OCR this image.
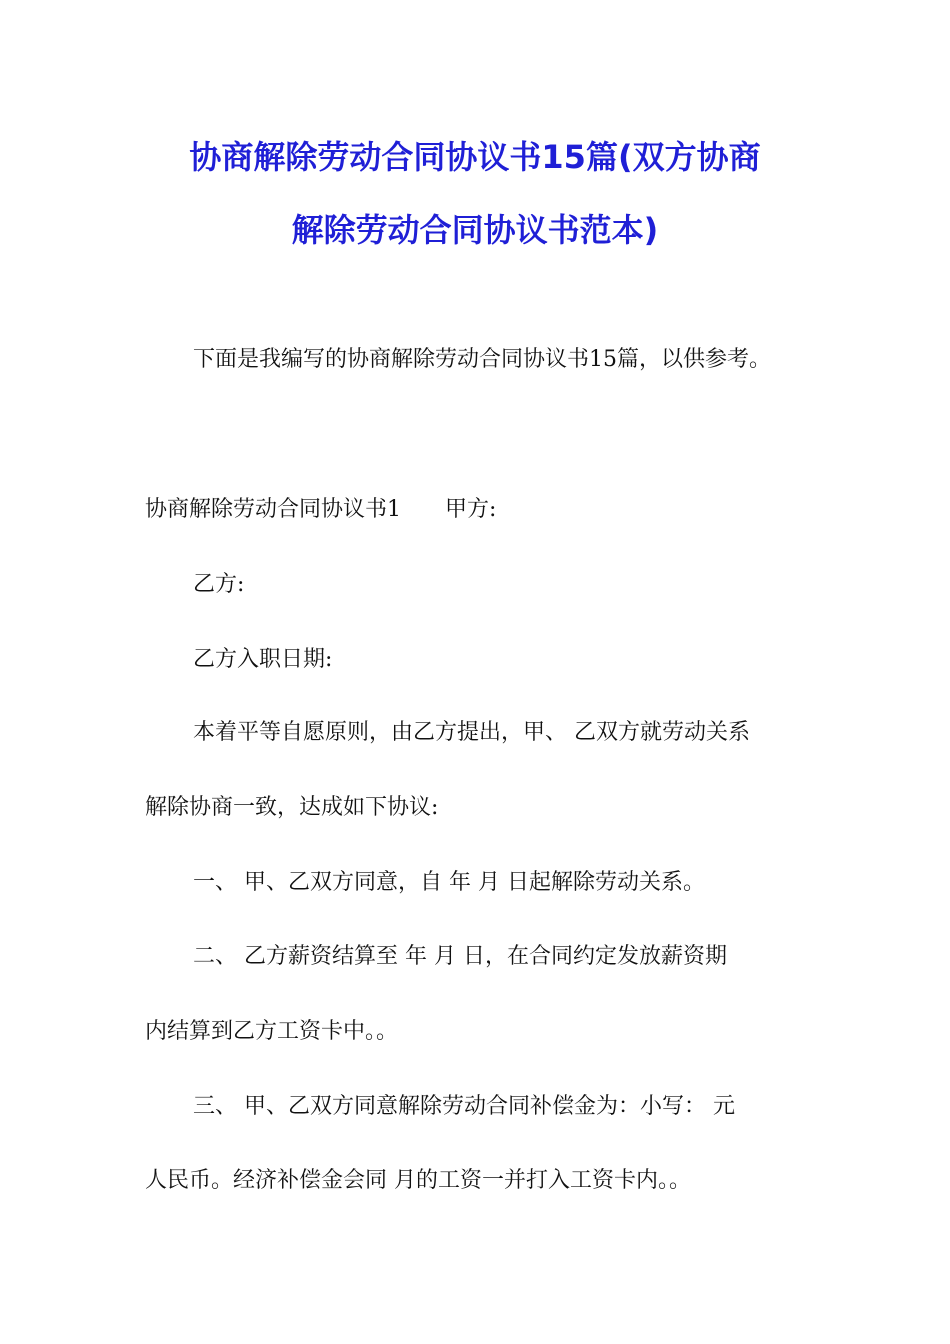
协商解除劳动合同协议书15篇(双方协商
解除劳动合同协议书范本)
下面是我编写的协商解除劳动合同协议书15篇，以供参考。
协商解除劳动合同协议书1 甲方:
乙方:
乙方入职日期:
本着平等自愿原则，由乙方提出，甲、 乙双方就劳动关系
解除协商一致，达成如下协议:
一、 甲、乙双方同意，自 年 月 日起解除劳动关系。
二、 乙方薪资结算至 年 月 日，在合同约定发放薪资期
内结算到乙方工资卡中。。
三、 甲、乙双方同意解除劳动合同补偿金为：小写： 元
人民币。经济补偿金会同 月的工资一并打入工资卡内。。
